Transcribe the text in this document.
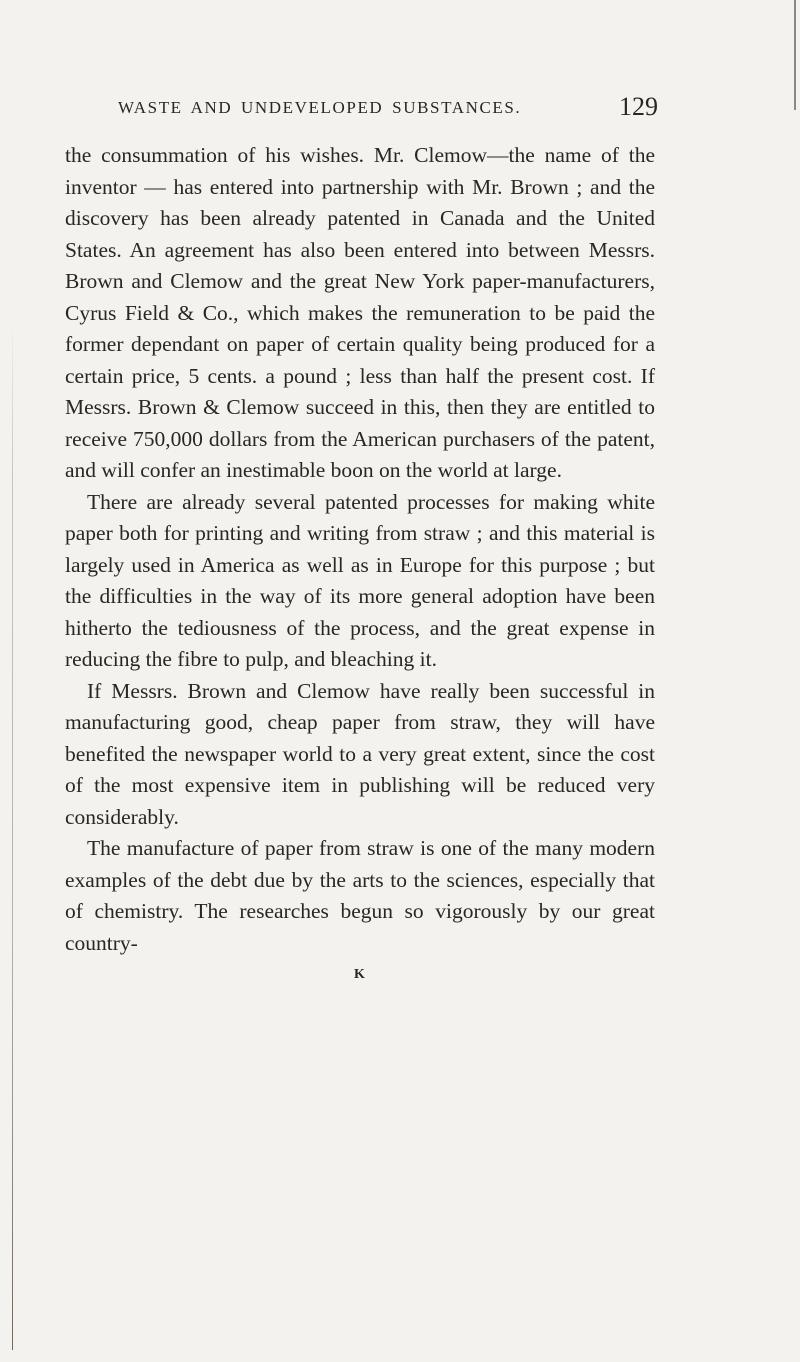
WASTE AND UNDEVELOPED SUBSTANCES.	129

the consummation of his wishes. Mr. Clemow—the name of the inventor — has entered into partnership with Mr. Brown ; and the discovery has been already patented in Canada and the United States. An agreement has also been entered into between Messrs. Brown and Clemow and the great New York paper-manufacturers, Cyrus Field & Co., which makes the remuneration to be paid the former dependant on paper of certain quality being produced for a certain price, 5 cents. a pound ; less than half the present cost. If Messrs. Brown & Clemow succeed in this, then they are entitled to receive 750,000 dollars from the American purchasers of the patent, and will confer an inestimable boon on the world at large.

There are already several patented processes for making white paper both for printing and writing from straw ; and this material is largely used in America as well as in Europe for this purpose ; but the difficulties in the way of its more general adoption have been hitherto the tediousness of the process, and the great expense in reducing the fibre to pulp, and bleaching it.

If Messrs. Brown and Clemow have really been successful in manufacturing good, cheap paper from straw, they will have benefited the newspaper world to a very great extent, since the cost of the most expensive item in publishing will be reduced very considerably.

The manufacture of paper from straw is one of the many modern examples of the debt due by the arts to the sciences, especially that of chemistry. The researches begun so vigorously by our great country-

K
